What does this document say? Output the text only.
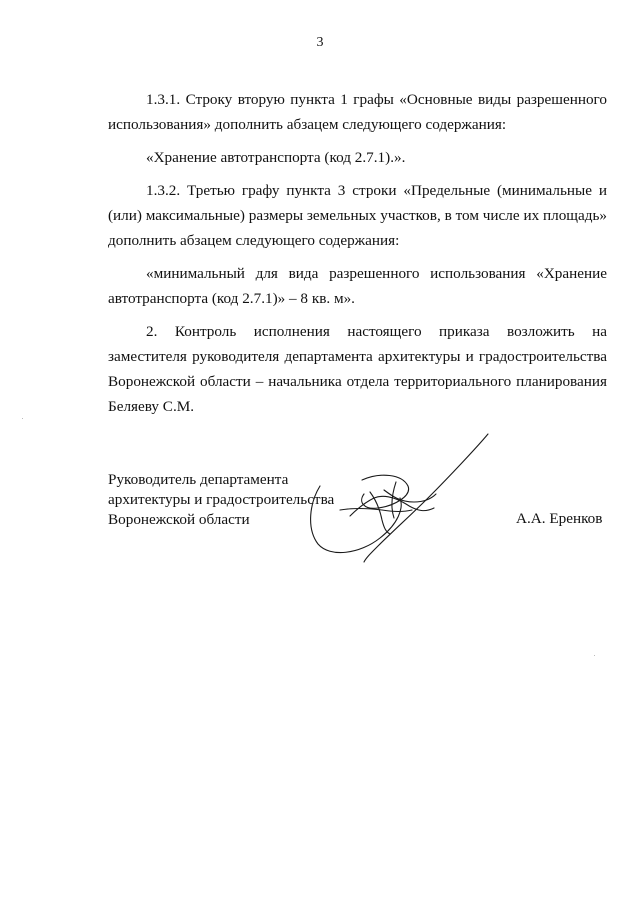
3

1.3.1. Строку вторую пункта 1 графы «Основные виды разрешенного использования» дополнить абзацем следующего содержания:

«Хранение автотранспорта (код 2.7.1).».

1.3.2. Третью графу пункта 3 строки «Предельные (минимальные и (или) максимальные) размеры земельных участков, в том числе их площадь» дополнить абзацем следующего содержания:

«минимальный для вида разрешенного использования «Хранение автотранспорта (код 2.7.1)» – 8 кв. м».

2. Контроль исполнения настоящего приказа возложить на заместителя руководителя департамента архитектуры и градостроительства Воронежской области – начальника отдела территориального планирования Беляеву С.М.

Руководитель департамента
архитектуры и градостроительства
Воронежской области	А.А. Еренков
